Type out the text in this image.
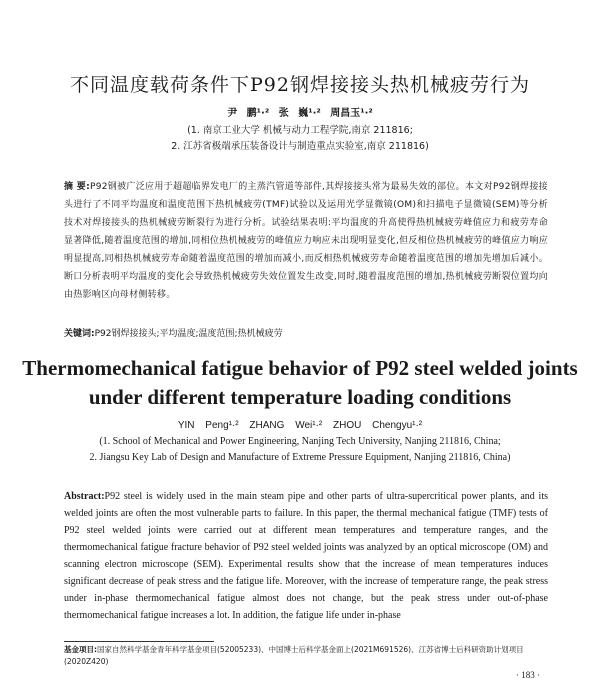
不同温度载荷条件下P92钢焊接接头热机械疲劳行为
尹 鹏¹·² 张 巍¹·² 周昌玉¹·²
(1. 南京工业大学 机械与动力工程学院,南京 211816;
2. 江苏省极端承压装备设计与制造重点实验室,南京 211816)
摘 要:P92钢被广泛应用于超超临界发电厂的主蒸汽管道等部件,其焊接接头常为最易失效的部位。本文对P92钢焊接接头进行了不同平均温度和温度范围下热机械疲劳(TMF)试验以及运用光学显微镜(OM)和扫描电子显微镜(SEM)等分析技术对焊接接头的热机械疲劳断裂行为进行分析。试验结果表明:平均温度的升高使得热机械疲劳峰值应力和疲劳寿命显著降低,随着温度范围的增加,同相位热机械疲劳的峰值应力响应未出现明显变化,但反相位热机械疲劳的峰值应力响应明显提高,同相热机械疲劳寿命随着温度范围的增加而减小,而反相热机械疲劳寿命随着温度范围的增加先增加后减小。断口分析表明平均温度的变化会导致热机械疲劳失效位置发生改变,同时,随着温度范围的增加,热机械疲劳断裂位置均向由热影响区向母材侧转移。
关键词:P92钢焊接接头;平均温度;温度范围;热机械疲劳
Thermomechanical fatigue behavior of P92 steel welded joints under different temperature loading conditions
YIN Peng¹·² ZHANG Wei¹·² ZHOU Chengyu¹·²
(1. School of Mechanical and Power Engineering, Nanjing Tech University, Nanjing 211816, China;
2. Jiangsu Key Lab of Design and Manufacture of Extreme Pressure Equipment, Nanjing 211816, China)
Abstract:P92 steel is widely used in the main steam pipe and other parts of ultra-supercritical power plants, and its welded joints are often the most vulnerable parts to failure. In this paper, the thermal mechanical fatigue (TMF) tests of P92 steel welded joints were carried out at different mean temperatures and temperature ranges, and the thermomechanical fatigue fracture behavior of P92 steel welded joints was analyzed by an optical microscope (OM) and scanning electron microscope (SEM). Experimental results show that the increase of mean temperatures induces significant decrease of peak stress and the fatigue life. Moreover, with the increase of temperature range, the peak stress under in-phase thermomechanical fatigue almost does not change, but the peak stress under out-of-phase thermomechanical fatigue increases a lot. In addition, the fatigue life under in-phase
基金项目:国家自然科学基金青年科学基金项目(52005233)、中国博士后科学基金面上(2021M691526)、江苏省博士后科研资助计划项目(2020Z420)
· 183 ·
